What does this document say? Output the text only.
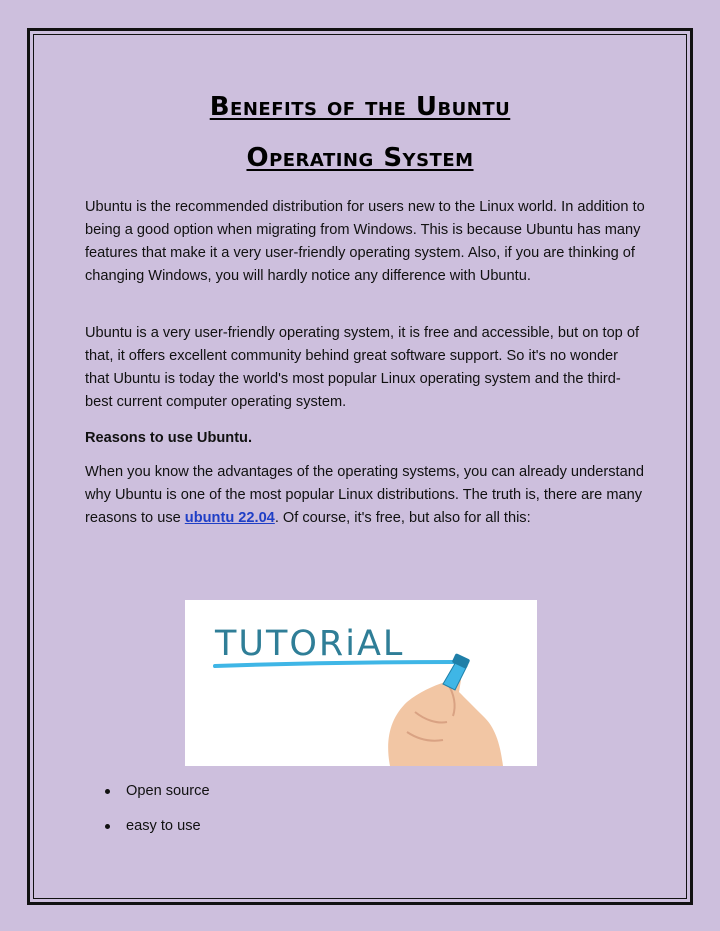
Benefits of the Ubuntu
Operating System

Ubuntu is the recommended distribution for users new to the Linux world. In addition to being a good option when migrating from Windows. This is because Ubuntu has many features that make it a very user-friendly operating system. Also, if you are thinking of changing Windows, you will hardly notice any difference with Ubuntu.

Ubuntu is a very user-friendly operating system, it is free and accessible, but on top of that, it offers excellent community behind great software support. So it's no wonder that Ubuntu is today the world's most popular Linux operating system and the third-best current computer operating system.

Reasons to use Ubuntu.

When you know the advantages of the operating systems, you can already understand why Ubuntu is one of the most popular Linux distributions. The truth is, there are many reasons to use ubuntu 22.04. Of course, it's free, but also for all this:

TUTORiAL
Open source
easy to use
